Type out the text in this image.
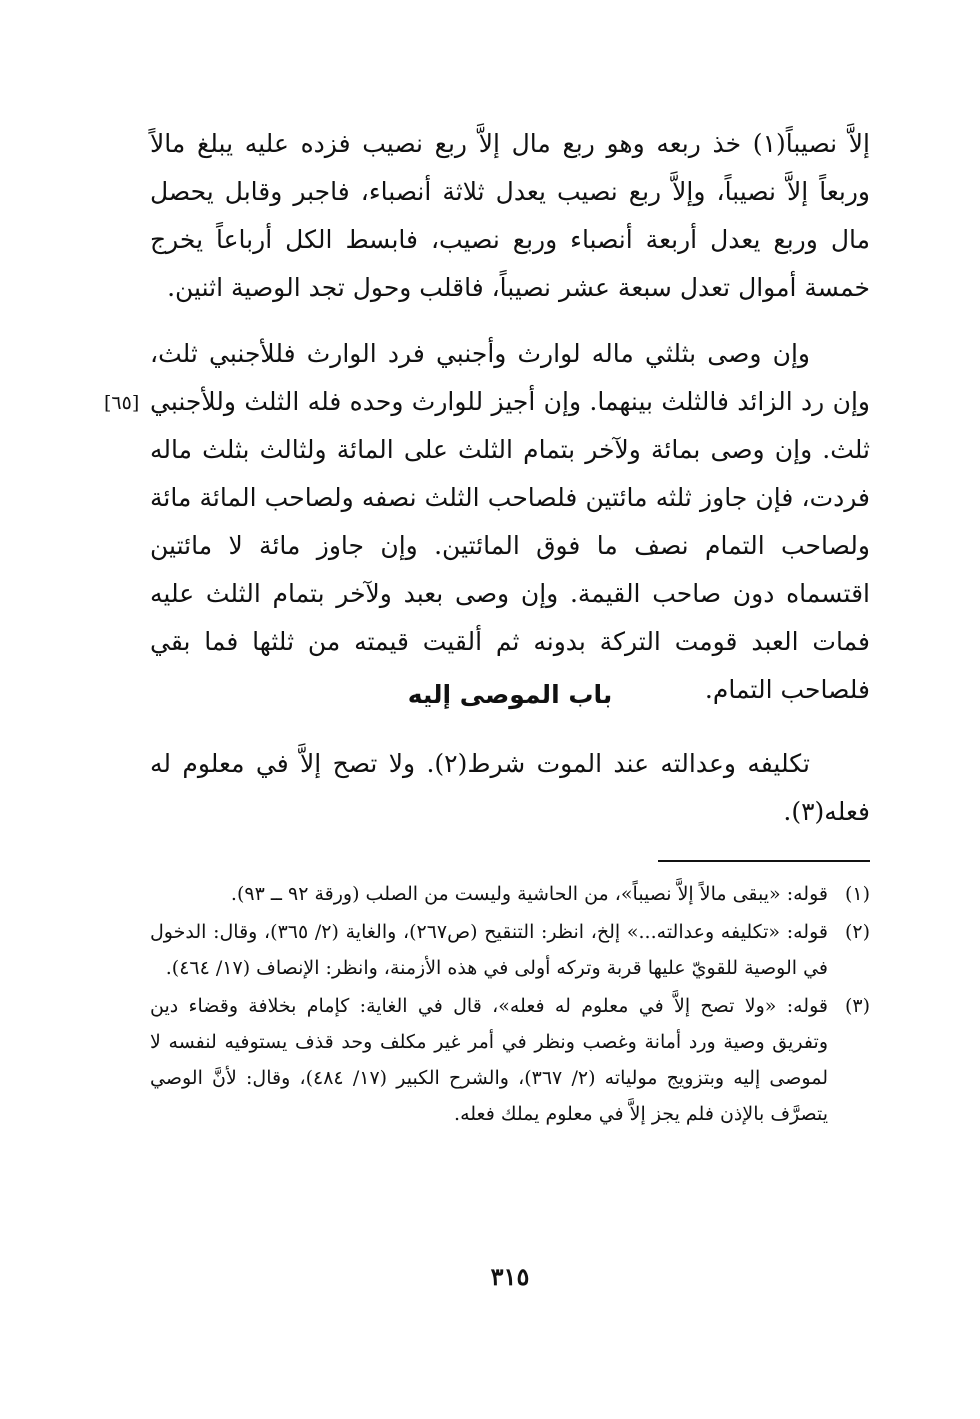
إلاَّ نصيباً(١) خذ ربعه وهو ربع مال إلاَّ ربع نصيب فزده عليه يبلغ مالاً وربعاً إلاَّ نصيباً، وإلاَّ ربع نصيب يعدل ثلاثة أنصباء، فاجبر وقابل يحصل مال وربع يعدل أربعة أنصباء وربع نصيب، فابسط الكل أرباعاً يخرج خمسة أموال تعدل سبعة عشر نصيباً، فاقلب وحول تجد الوصية اثنين.

وإن وصى بثلثي ماله لوارث وأجنبي فرد الوارث فللأجنبي ثلث، وإن رد الزائد فالثلث بينهما. وإن أجيز للوارث وحده فله الثلث وللأجنبي ثلث. وإن وصى بمائة ولآخر بتمام الثلث على المائة ولثالث بثلث ماله فردت، فإن جاوز ثلثه مائتين فلصاحب الثلث نصفه ولصاحب المائة مائة ولصاحب التمام نصف ما فوق المائتين. وإن جاوز مائة لا مائتين اقتسماه دون صاحب القيمة. وإن وصى بعبد ولآخر بتمام الثلث عليه فمات العبد قومت التركة بدونه ثم ألقيت قيمته من ثلثها فما بقي فلصاحب التمام.

[٦٥]
باب الموصى إليه

تكليفه وعدالته عند الموت شرط(٢). ولا تصح إلاَّ في معلوم له فعله(٣).

(١)
قوله: «يبقى مالاً إلاَّ نصيباً»، من الحاشية وليست من الصلب (ورقة ٩٢ ــ ٩٣).
(٢)
قوله: «تكليفه وعدالته...» إلخ، انظر: التنقيح (ص٢٦٧)، والغاية (٢/ ٣٦٥)، وقال: الدخول في الوصية للقويّ عليها قربة وتركه أولى في هذه الأزمنة، وانظر: الإنصاف (١٧/ ٤٦٤).
(٣)
قوله: «ولا تصح إلاَّ في معلوم له فعله»، قال في الغاية: كإمام بخلافة وقضاء دين وتفريق وصية ورد أمانة وغصب ونظر في أمر غير مكلف وحد قذف يستوفيه لنفسه لا لموصى إليه وبتزويج مولياته (٢/ ٣٦٧)، والشرح الكبير (١٧/ ٤٨٤)، وقال: لأنَّ الوصي يتصرَّف بالإذن فلم يجز إلاَّ في معلوم يملك فعله.
٣١٥
